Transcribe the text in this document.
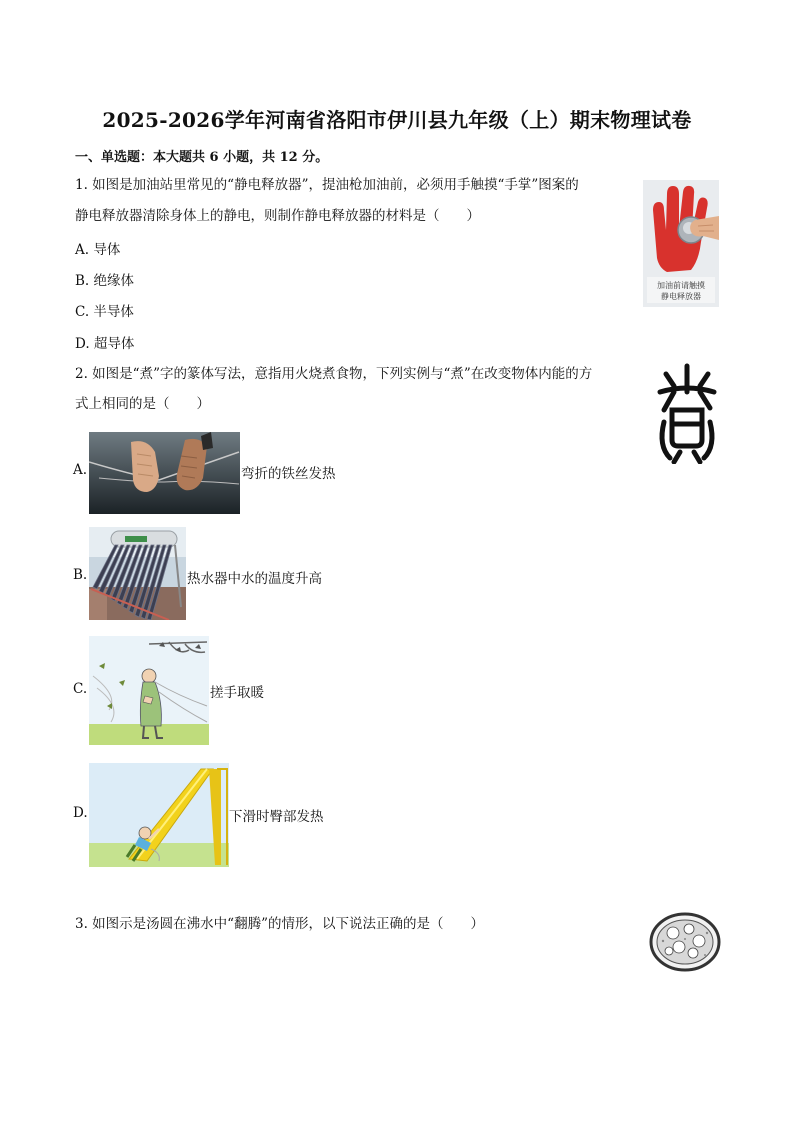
2025-2026学年河南省洛阳市伊川县九年级（上）期末物理试卷
一、单选题：本大题共 6 小题，共 12 分。
1. 如图是加油站里常见的“静电释放器”，提油枪加油前，必须用手触摸“手掌”图案的
静电释放器清除身体上的静电，则制作静电释放器的材料是（　　）
A. 导体
B. 绝缘体
C. 半导体
D. 超导体
加油前请触摸
静电释放器
2. 如图是“煮”字的篆体写法，意指用火烧煮食物，下列实例与“煮”在改变物体内能的方
式上相同的是（　　）
A.	弯折的铁丝发热
B.	热水器中水的温度升高
C.	搓手取暖
D.	下滑时臀部发热
3. 如图示是汤圆在沸水中“翻腾”的情形，以下说法正确的是（　　）
